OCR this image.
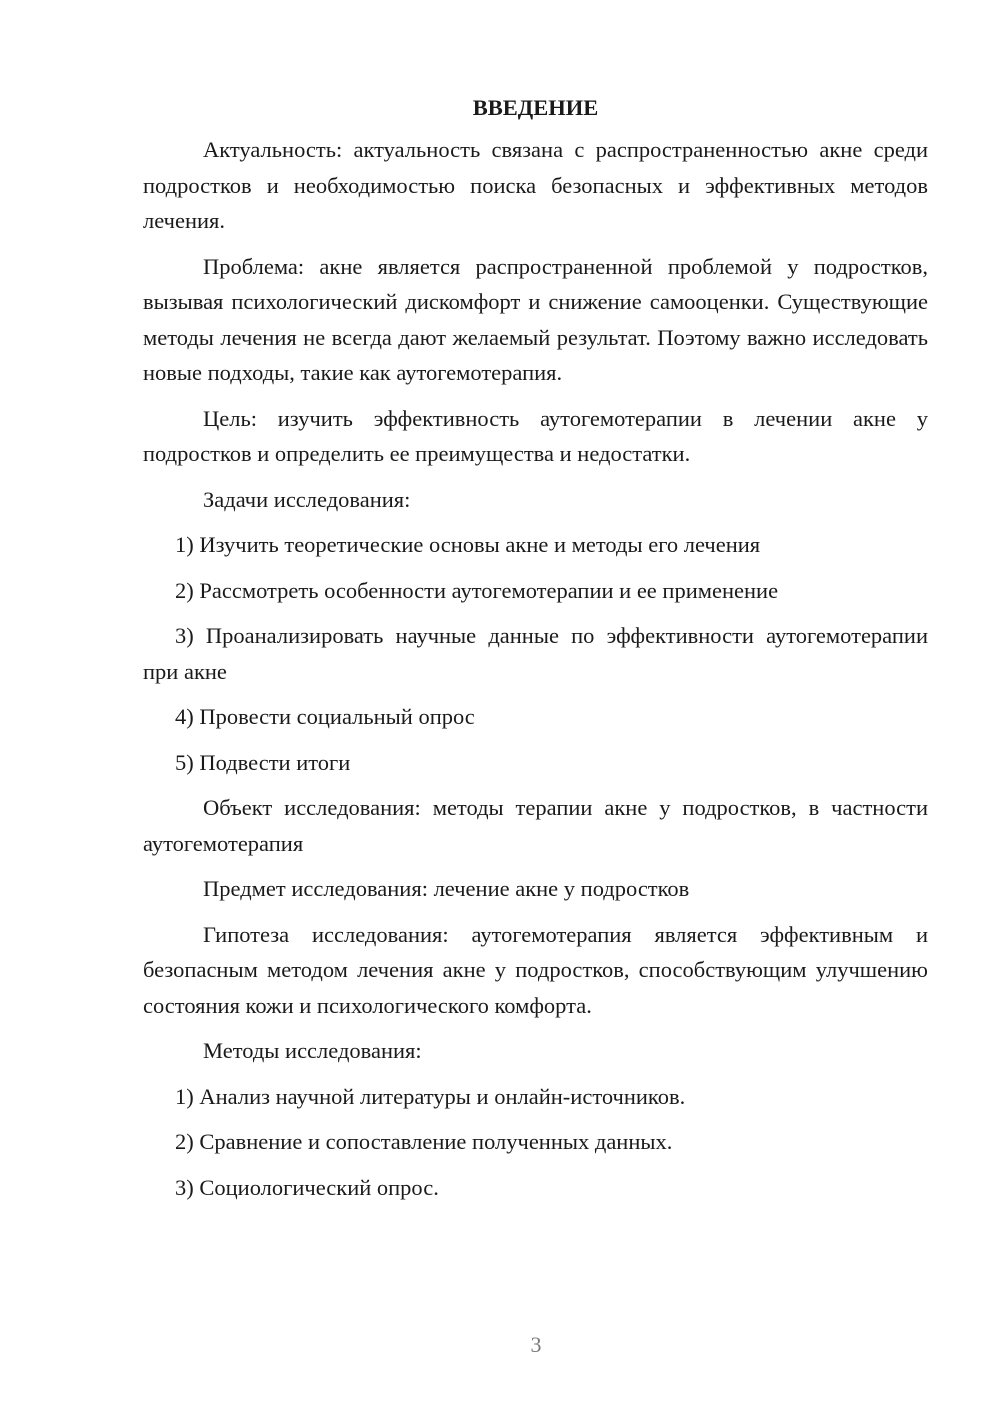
ВВЕДЕНИЕ

Актуальность: актуальность связана с распространенностью акне среди подростков и необходимостью поиска безопасных и эффективных методов лечения.

Проблема: акне является распространенной проблемой у подростков, вызывая психологический дискомфорт и снижение самооценки. Существующие методы лечения не всегда дают желаемый результат. Поэтому важно исследовать новые подходы, такие как аутогемотерапия.

Цель: изучить эффективность аутогемотерапии в лечении акне у подростков и определить ее преимущества и недостатки.

Задачи исследования:

1) Изучить теоретические основы акне и методы его лечения

2) Рассмотреть особенности аутогемотерапии и ее применение

3) Проанализировать научные данные по эффективности аутогемотерапии при акне

4) Провести социальный опрос

5) Подвести итоги

Объект исследования: методы терапии акне у подростков, в частности аутогемотерапия

Предмет исследования: лечение акне у подростков

Гипотеза исследования: аутогемотерапия является эффективным и безопасным методом лечения акне у подростков, способствующим улучшению состояния кожи и психологического комфорта.

Методы исследования:

1) Анализ научной литературы и онлайн-источников.

2) Сравнение и сопоставление полученных данных.

3) Социологический опрос.

3
